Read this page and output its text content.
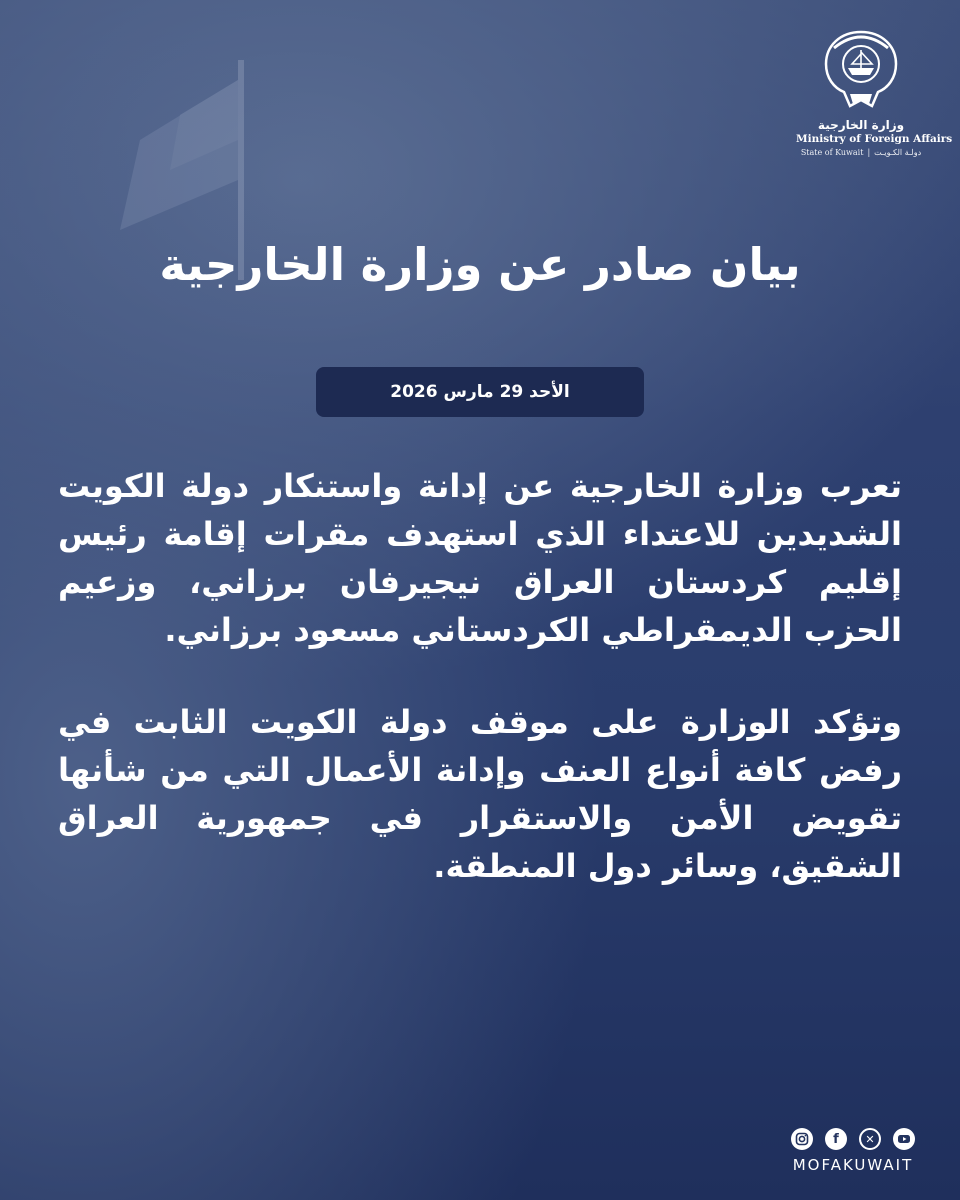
وزارة الخارجية
Ministry of Foreign Affairs
State of Kuwait | دولـة الكـويـت
بيان صادر عن وزارة الخارجية
الأحد 29 مارس 2026

تعرب وزارة الخارجية عن إدانة واستنكار دولة الكويت الشديدين للاعتداء الذي استهدف مقرات إقامة رئيس إقليم كردستان العراق نيجيرفان برزاني، وزعيم الحزب الديمقراطي الكردستاني مسعود برزاني.

وتؤكد الوزارة على موقف دولة الكويت الثابت في رفض كافة أنواع العنف وإدانة الأعمال التي من شأنها تقويض الأمن والاستقرار في جمهورية العراق الشقيق، وسائر دول المنطقة.

f	✕
MOFAKUWAIT
